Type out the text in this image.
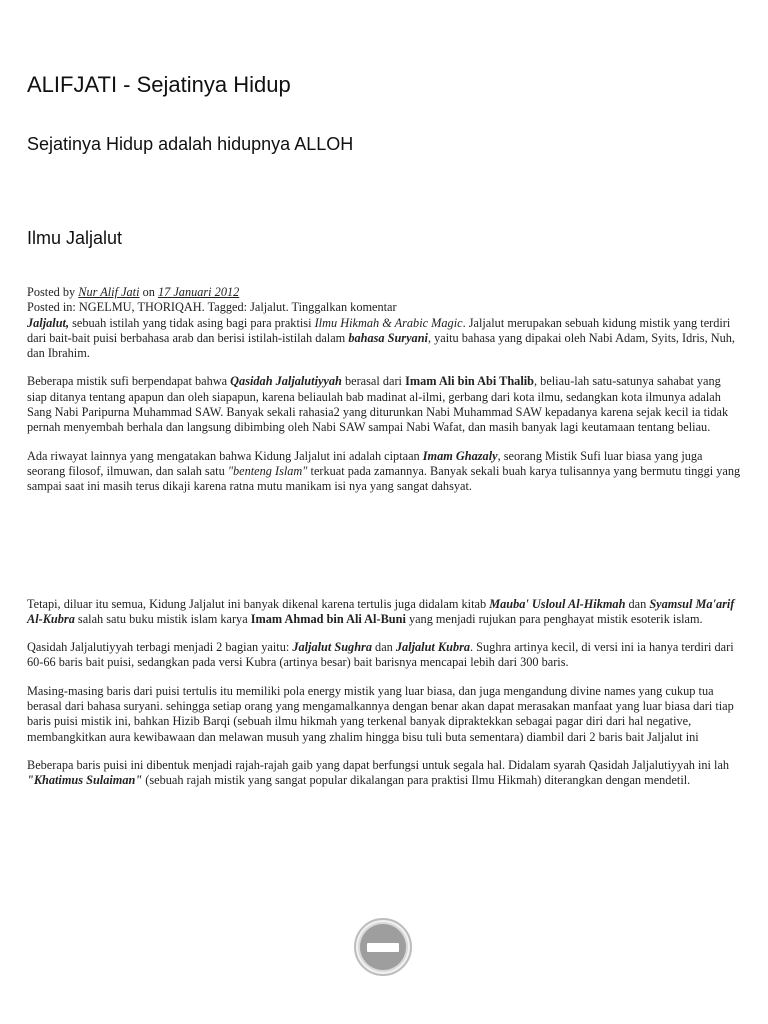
ALIFJATI - Sejatinya Hidup
Sejatinya Hidup adalah hidupnya ALLOH
Ilmu Jaljalut
Posted by Nur Alif Jati on 17 Januari 2012
Posted in: NGELMU, THORIQAH. Tagged: Jaljalut. Tinggalkan komentar

Jaljalut, sebuah istilah yang tidak asing bagi para praktisi Ilmu Hikmah & Arabic Magic. Jaljalut merupakan sebuah kidung mistik yang terdiri dari bait-bait puisi berbahasa arab dan berisi istilah-istilah dalam bahasa Suryani, yaitu bahasa yang dipakai oleh Nabi Adam, Syits, Idris, Nuh, dan Ibrahim.

Beberapa mistik sufi berpendapat bahwa Qasidah Jaljalutiyyah berasal dari Imam Ali bin Abi Thalib, beliau-lah satu-satunya sahabat yang siap ditanya tentang apapun dan oleh siapapun, karena beliaulah bab madinat al-ilmi, gerbang dari kota ilmu, sedangkan kota ilmunya adalah Sang Nabi Paripurna Muhammad SAW. Banyak sekali rahasia2 yang diturunkan Nabi Muhammad SAW kepadanya karena sejak kecil ia tidak pernah menyembah berhala dan langsung dibimbing oleh Nabi SAW sampai Nabi Wafat, dan masih banyak lagi keutamaan tentang beliau.

Ada riwayat lainnya yang mengatakan bahwa Kidung Jaljalut ini adalah ciptaan Imam Ghazaly, seorang Mistik Sufi luar biasa yang juga seorang filosof, ilmuwan, dan salah satu "benteng Islam" terkuat pada zamannya. Banyak sekali buah karya tulisannya yang bermutu tinggi yang sampai saat ini masih terus dikaji karena ratna mutu manikam isi nya yang sangat dahsyat.

Tetapi, diluar itu semua, Kidung Jaljalut ini banyak dikenal karena tertulis juga didalam kitab Mauba' Usloul Al-Hikmah dan Syamsul Ma'arif Al-Kubra salah satu buku mistik islam karya Imam Ahmad bin Ali Al-Buni yang menjadi rujukan para penghayat mistik esoterik islam.

Qasidah Jaljalutiyyah terbagi menjadi 2 bagian yaitu: Jaljalut Sughra dan Jaljalut Kubra. Sughra artinya kecil, di versi ini ia hanya terdiri dari 60-66 baris bait puisi, sedangkan pada versi Kubra (artinya besar) bait barisnya mencapai lebih dari 300 baris.

Masing-masing baris dari puisi tertulis itu memiliki pola energy mistik yang luar biasa, dan juga mengandung divine names yang cukup tua berasal dari bahasa suryani. sehingga setiap orang yang mengamalkannya dengan benar akan dapat merasakan manfaat yang luar biasa dari tiap baris puisi mistik ini, bahkan Hizib Barqi (sebuah ilmu hikmah yang terkenal banyak dipraktekkan sebagai pagar diri dari hal negative, membangkitkan aura kewibawaan dan melawan musuh yang zhalim hingga bisu tuli buta sementara) diambil dari 2 baris bait Jaljalut ini

Beberapa baris puisi ini dibentuk menjadi rajah-rajah gaib yang dapat berfungsi untuk segala hal. Didalam syarah Qasidah Jaljalutiyyah ini lah "Khatimus Sulaiman" (sebuah rajah mistik yang sangat popular dikalangan para praktisi Ilmu Hikmah) diterangkan dengan mendetil.
